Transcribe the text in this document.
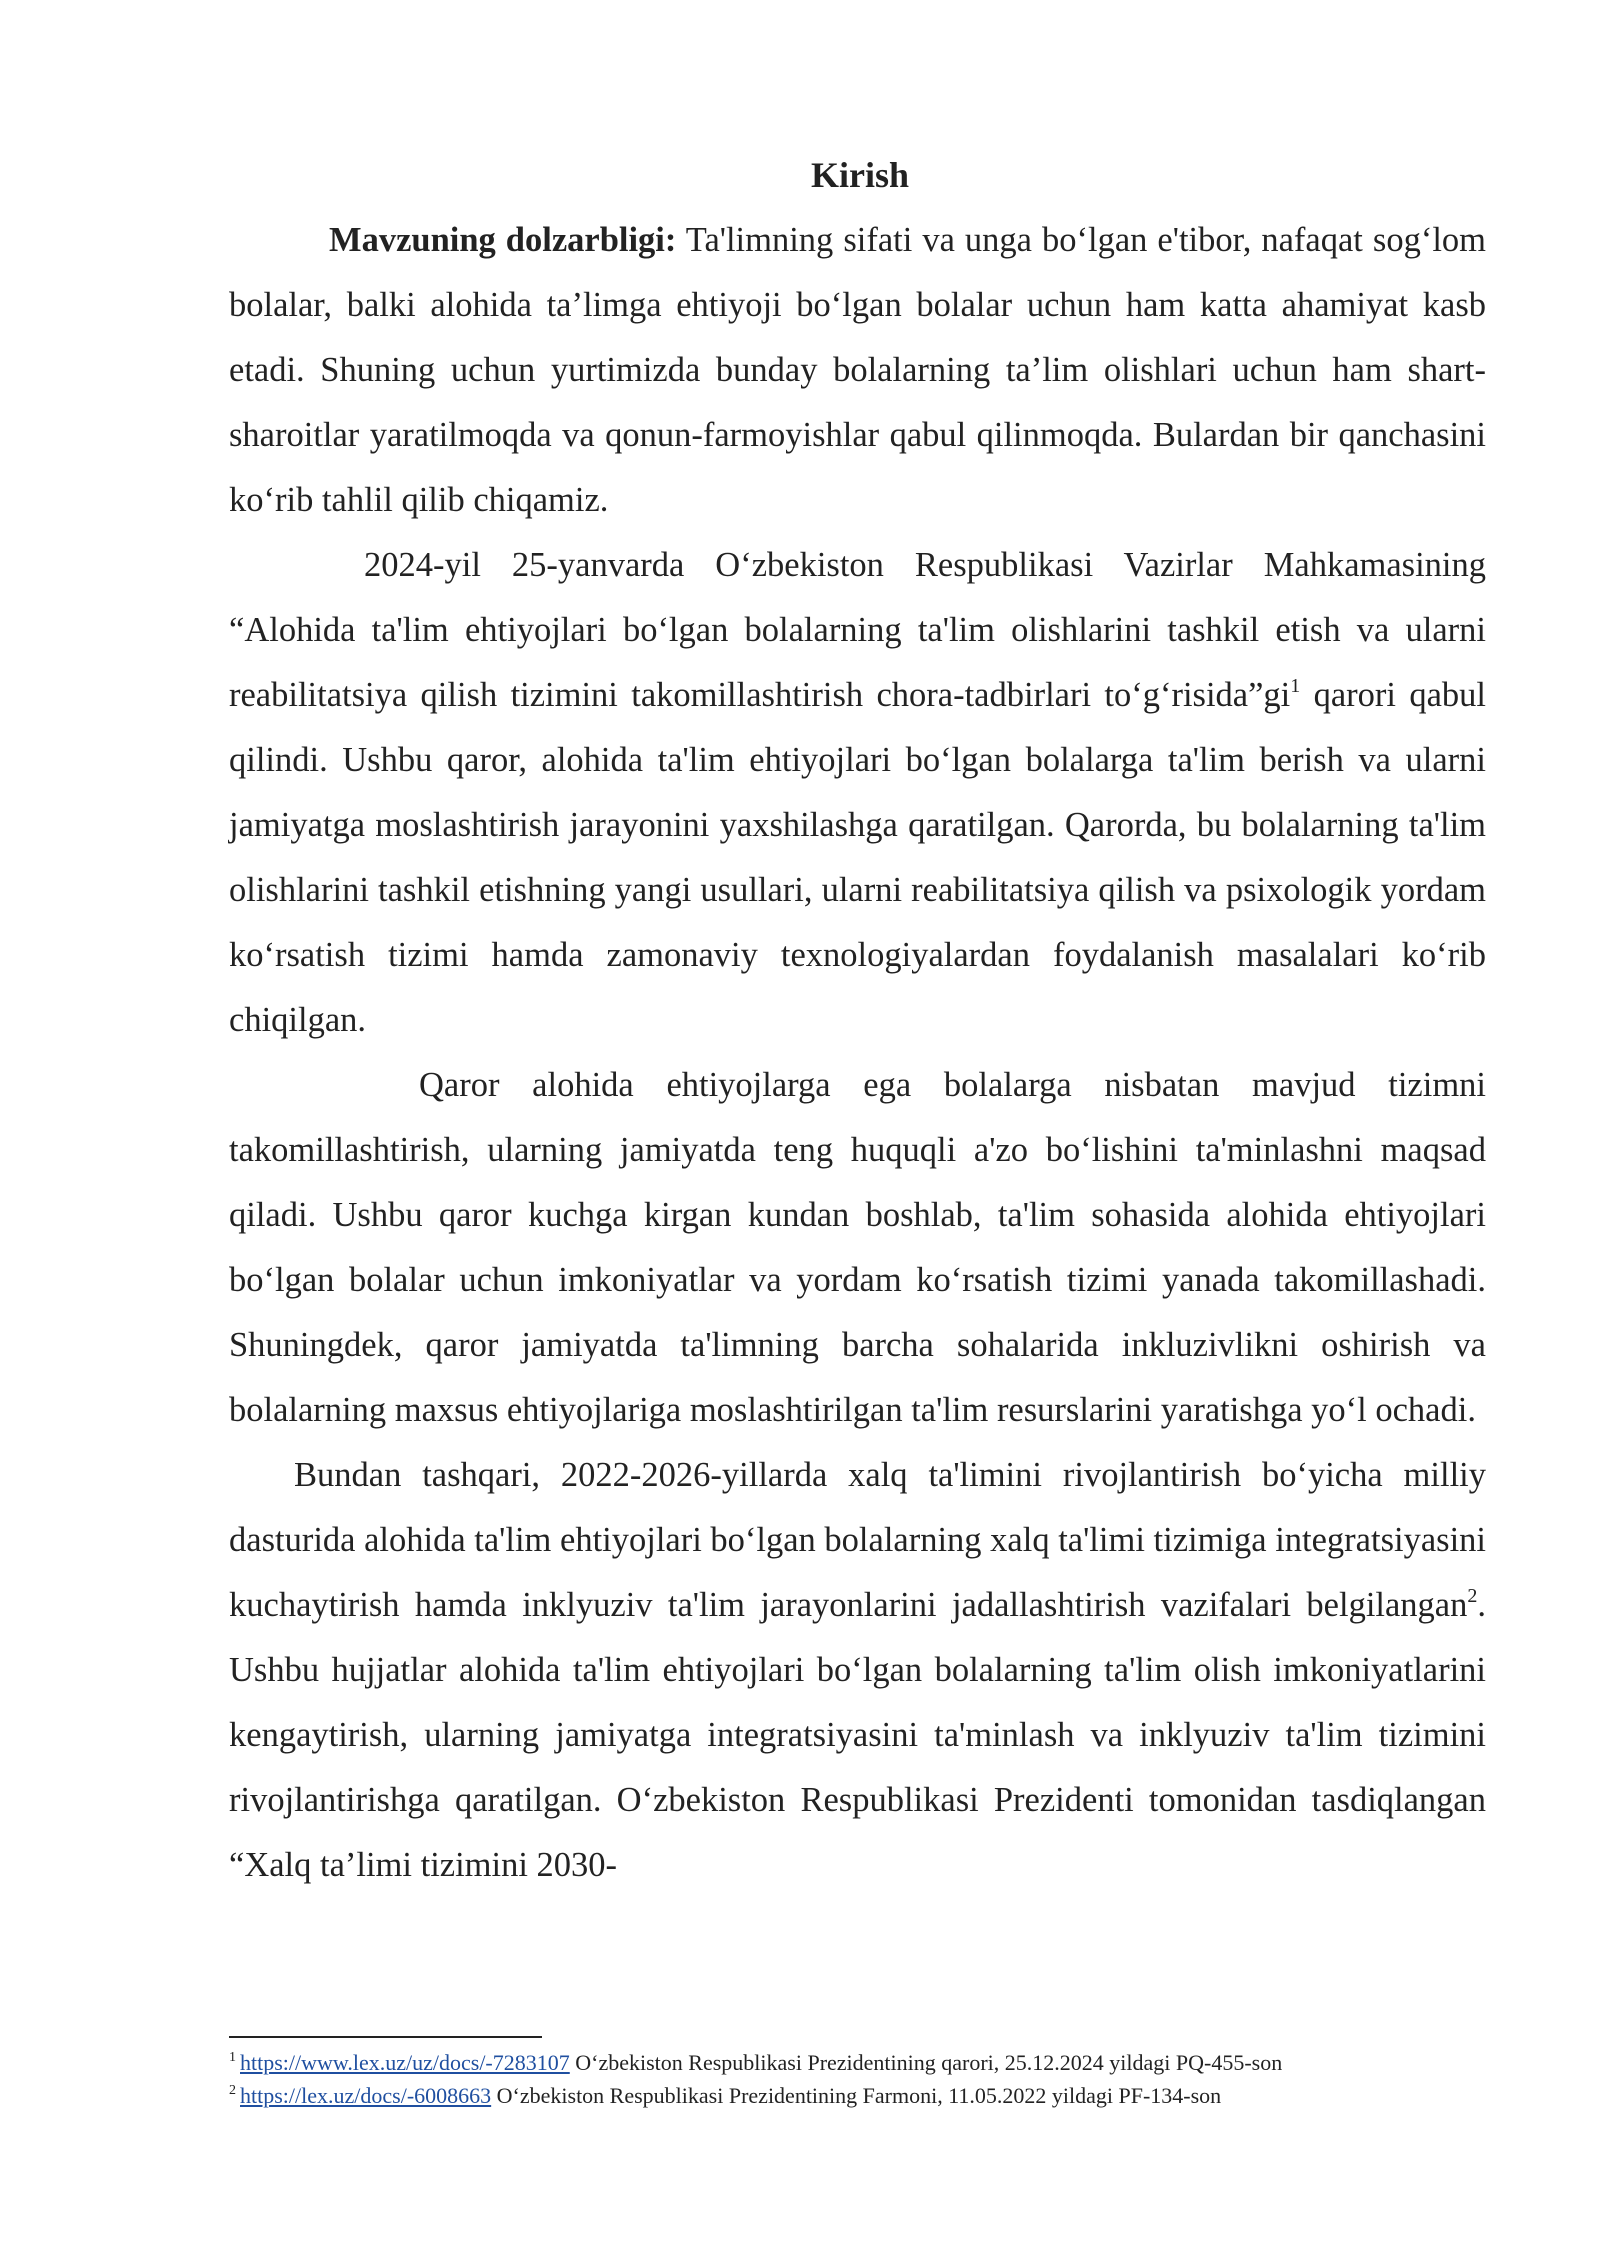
Kirish

Mavzuning dolzarbligi: Ta'limning sifati va unga bo‘lgan e'tibor, nafaqat sog‘lom bolalar, balki alohida ta’limga ehtiyoji bo‘lgan bolalar uchun ham katta ahamiyat kasb etadi. Shuning uchun yurtimizda bunday bolalarning ta’lim olishlari uchun ham shart-sharoitlar yaratilmoqda va qonun-farmoyishlar qabul qilinmoqda. Bulardan bir qanchasini ko‘rib tahlil qilib chiqamiz.

2024-yil 25-yanvarda O‘zbekiston Respublikasi Vazirlar Mahkamasining “Alohida ta'lim ehtiyojlari bo‘lgan bolalarning ta'lim olishlarini tashkil etish va ularni reabilitatsiya qilish tizimini takomillashtirish chora-tadbirlari $to‘g‘risida”gi^1$ qarori qabul qilindi. Ushbu qaror, alohida ta'lim ehtiyojlari bo‘lgan bolalarga ta'lim berish va ularni jamiyatga moslashtirish jarayonini yaxshilashga qaratilgan. Qarorda, bu bolalarning ta'lim olishlarini tashkil etishning yangi usullari, ularni reabilitatsiya qilish va psixologik yordam ko‘rsatish tizimi hamda zamonaviy texnologiyalardan foydalanish masalalari ko‘rib chiqilgan.

Qaror alohida ehtiyojlarga ega bolalarga nisbatan mavjud tizimni takomillashtirish, ularning jamiyatda teng huquqli a'zo bo‘lishini ta'minlashni maqsad qiladi. Ushbu qaror kuchga kirgan kundan boshlab, ta'lim sohasida alohida ehtiyojlari bo‘lgan bolalar uchun imkoniyatlar va yordam ko‘rsatish tizimi yanada takomillashadi. Shuningdek, qaror jamiyatda ta'limning barcha sohalarida inkluzivlikni oshirish va bolalarning maxsus ehtiyojlariga moslashtirilgan ta'lim resurslarini yaratishga yo‘l ochadi.

Bundan tashqari, 2022-2026-yillarda xalq ta'limini rivojlantirish bo‘yicha milliy dasturida alohida ta'lim ehtiyojlari bo‘lgan bolalarning xalq ta'limi tizimiga integratsiyasini kuchaytirish hamda inklyuziv ta'lim jarayonlarini jadallashtirish vazifalari belgilangan$^2$. Ushbu hujjatlar alohida ta'lim ehtiyojlari bo‘lgan bolalarning ta'lim olish imkoniyatlarini kengaytirish, ularning jamiyatga integratsiyasini ta'minlash va inklyuziv ta'lim tizimini rivojlantirishga qaratilgan. O‘zbekiston Respublikasi Prezidenti tomonidan tasdiqlangan “Xalq ta’limi tizimini 2030-

$^1$ https://www.lex.uz/uz/docs/-7283107 O‘zbekiston Respublikasi Prezidentining qarori, 25.12.2024 yildagi PQ-455-son
$^2$ https://lex.uz/docs/-6008663 O‘zbekiston Respublikasi Prezidentining Farmoni, 11.05.2022 yildagi PF-134-son
